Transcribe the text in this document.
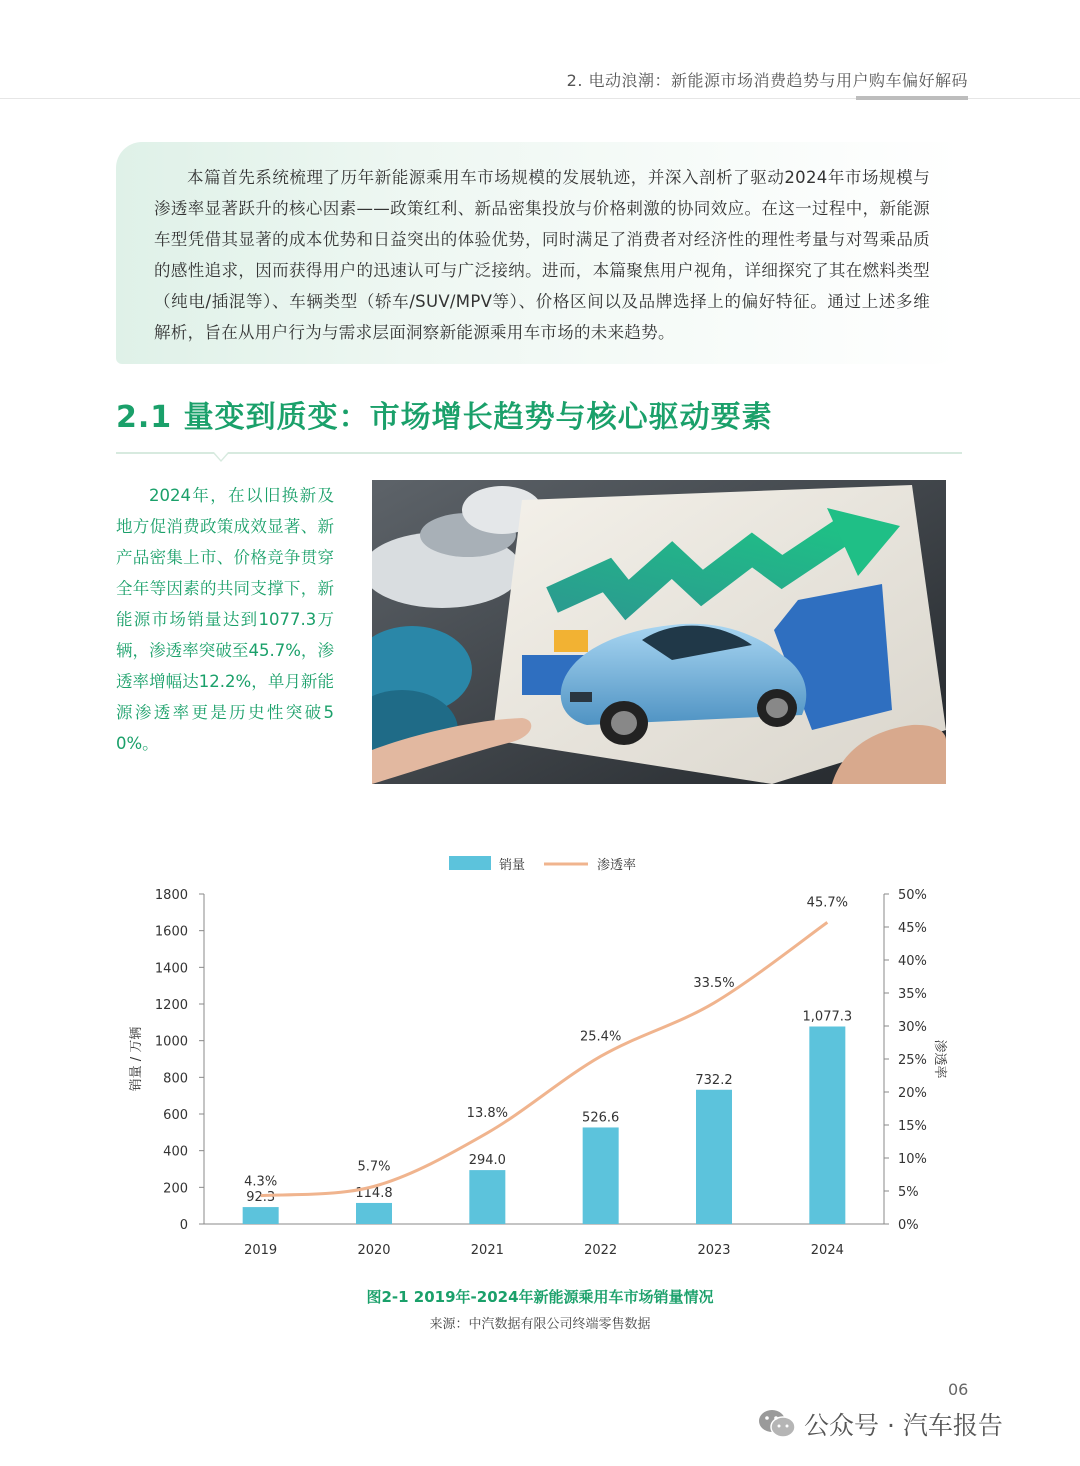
2. 电动浪潮：新能源市场消费趋势与用户购车偏好解码
本篇首先系统梳理了历年新能源乘用车市场规模的发展轨迹，并深入剖析了驱动2024年市场规模与渗透率显著跃升的核心因素——政策红利、新品密集投放与价格刺激的协同效应。在这一过程中，新能源车型凭借其显著的成本优势和日益突出的体验优势，同时满足了消费者对经济性的理性考量与对驾乘品质的感性追求，因而获得用户的迅速认可与广泛接纳。进而，本篇聚焦用户视角，详细探究了其在燃料类型（纯电/插混等）、车辆类型（轿车/SUV/MPV等）、价格区间以及品牌选择上的偏好特征。通过上述多维解析，旨在从用户行为与需求层面洞察新能源乘用车市场的未来趋势。
2.1 量变到质变：市场增长趋势与核心驱动要素
2024年，在以旧换新及地方促消费政策成效显著、新产品密集上市、价格竞争贯穿全年等因素的共同支撑下，新能源市场销量达到1077.3万辆，渗透率突破至45.7%，渗透率增幅达12.2%，单月新能源渗透率更是历史性突破50%。
0
200
400
600
800
1000
1200
1400
1600
1800
0%
5%
10%
15%
20%
25%
30%
35%
40%
45%
50%
销量 / 万辆	渗透率
92.3
2019
114.8
2020
294.0
2021
526.6
2022
732.2
2023
1,077.3
2024
4.3%
5.7%
13.8%
25.4%
33.5%
45.7%
销量	渗透率
图2-1 2019年-2024年新能源乘用车市场销量情况
来源：中汽数据有限公司终端零售数据
06
公众号 · 汽车报告
